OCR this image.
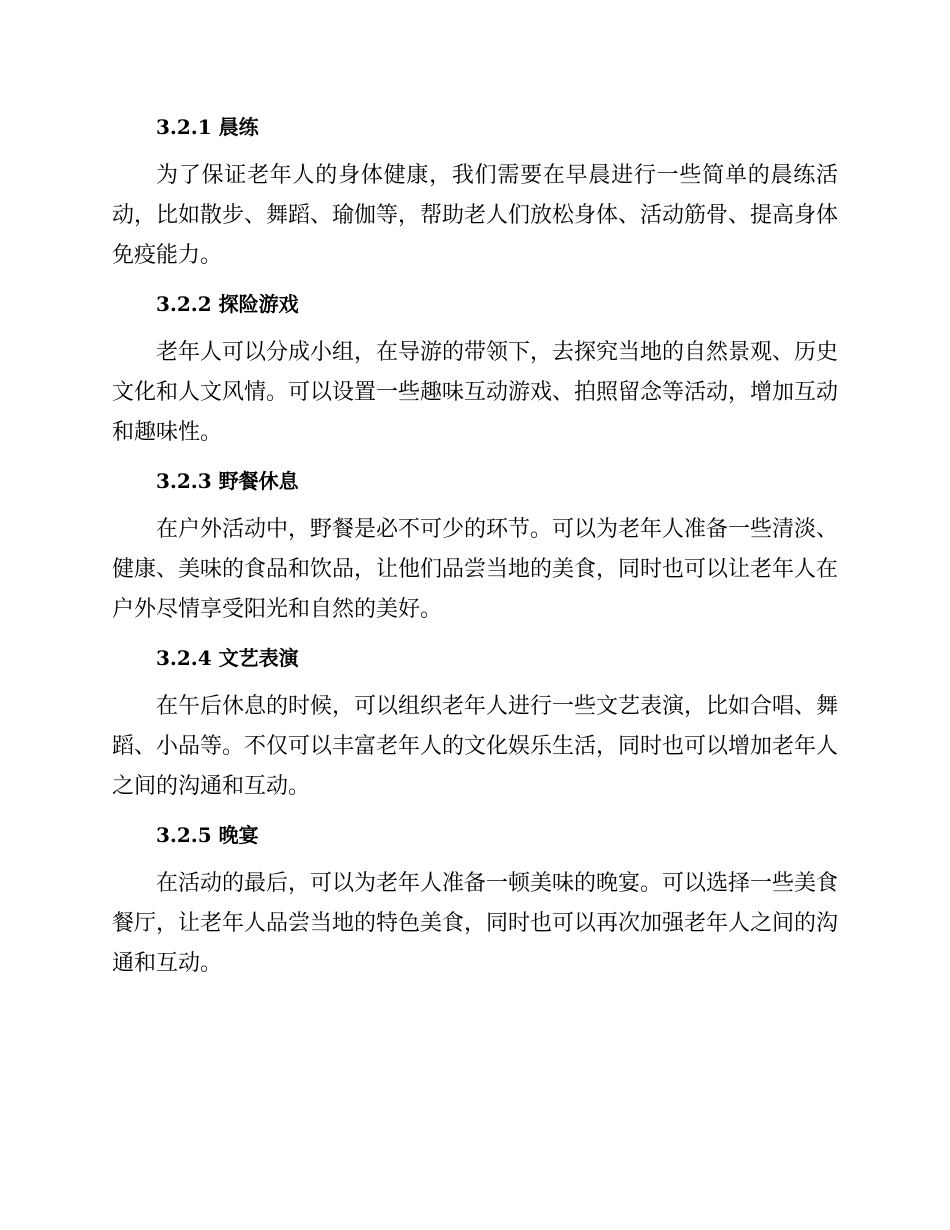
3.2.1 晨练

为了保证老年人的身体健康，我们需要在早晨进行一些简单的晨练活动，比如散步、舞蹈、瑜伽等，帮助老人们放松身体、活动筋骨、提高身体免疫能力。

3.2.2 探险游戏

老年人可以分成小组，在导游的带领下，去探究当地的自然景观、历史文化和人文风情。可以设置一些趣味互动游戏、拍照留念等活动，增加互动和趣味性。

3.2.3 野餐休息

在户外活动中，野餐是必不可少的环节。可以为老年人准备一些清淡、健康、美味的食品和饮品，让他们品尝当地的美食，同时也可以让老年人在户外尽情享受阳光和自然的美好。

3.2.4 文艺表演

在午后休息的时候，可以组织老年人进行一些文艺表演，比如合唱、舞蹈、小品等。不仅可以丰富老年人的文化娱乐生活，同时也可以增加老年人之间的沟通和互动。

3.2.5 晚宴

在活动的最后，可以为老年人准备一顿美味的晚宴。可以选择一些美食餐厅，让老年人品尝当地的特色美食，同时也可以再次加强老年人之间的沟通和互动。
